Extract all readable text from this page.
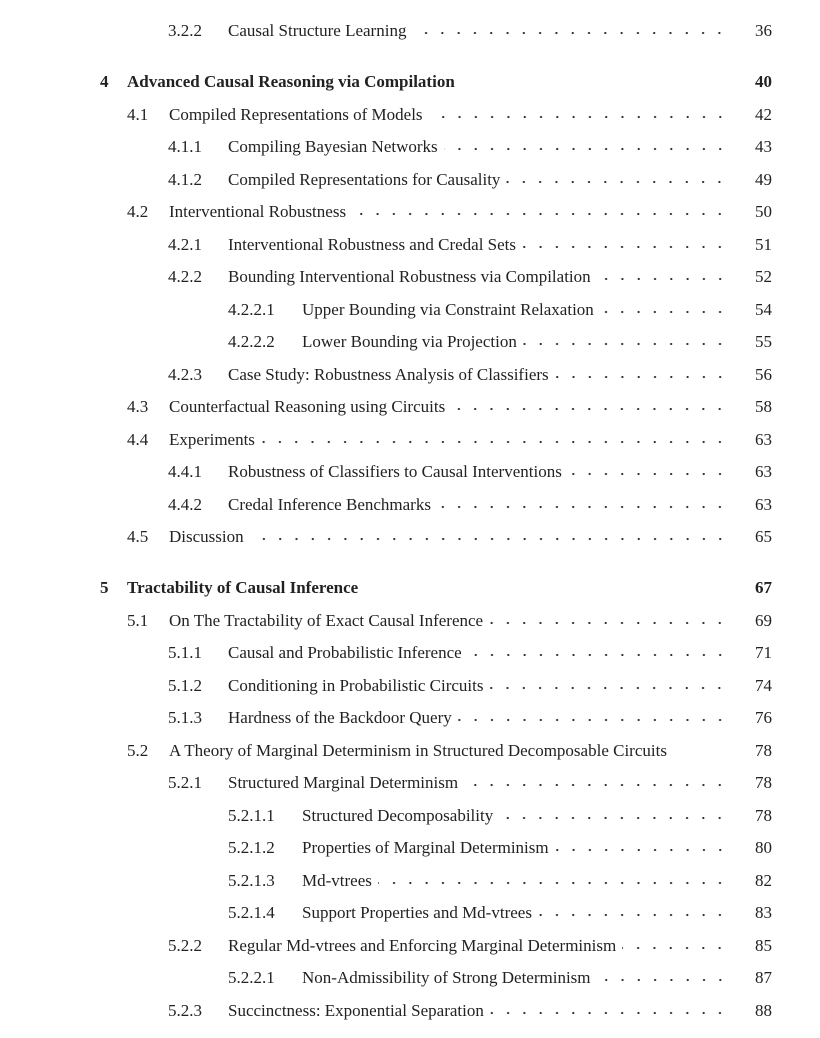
3.2.2 Causal Structure Learning	36
4 Advanced Causal Reasoning via Compilation	40
4.1 Compiled Representations of Models	42
4.1.1 Compiling Bayesian Networks	43
4.1.2 Compiled Representations for Causality	49
4.2 Interventional Robustness	50
4.2.1 Interventional Robustness and Credal Sets	51
4.2.2 Bounding Interventional Robustness via Compilation	52
4.2.2.1 Upper Bounding via Constraint Relaxation	54
4.2.2.2 Lower Bounding via Projection	55
4.2.3 Case Study: Robustness Analysis of Classifiers	56
4.3 Counterfactual Reasoning using Circuits	58
4.4 Experiments	63
4.4.1 Robustness of Classifiers to Causal Interventions	63
4.4.2 Credal Inference Benchmarks	63
4.5 Discussion	65
5 Tractability of Causal Inference	67
5.1 On The Tractability of Exact Causal Inference	69
5.1.1 Causal and Probabilistic Inference	71
5.1.2 Conditioning in Probabilistic Circuits	74
5.1.3 Hardness of the Backdoor Query	76
5.2 A Theory of Marginal Determinism in Structured Decomposable Circuits	78
5.2.1 Structured Marginal Determinism	78
5.2.1.1 Structured Decomposability	78
5.2.1.2 Properties of Marginal Determinism	80
5.2.1.3 Md-vtrees	82
5.2.1.4 Support Properties and Md-vtrees	83
5.2.2 Regular Md-vtrees and Enforcing Marginal Determinism	85
5.2.2.1 Non-Admissibility of Strong Determinism	87
5.2.3 Succinctness: Exponential Separation	88
